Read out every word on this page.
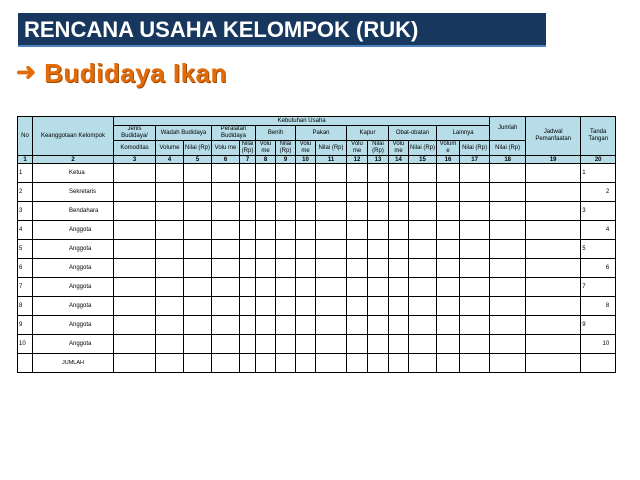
RENCANA USAHA KELOMPOK (RUK)
➜ Budidaya Ikan
No	Keanggotaan Kelompok	Kebutuhan Usaha															Jumlah	Jadwal Pemanfaatan	Tanda Tangan
		Jenis Budidaya/	Wadah Budidaya		Peralatan Budidaya		Benih		Pakan		Kapur		Obat-obatan		Lainnya				
		Komoditas	Volume	Nilai (Rp)	Volu me	Nilai (Rp)	Volu me	Nilai (Rp)	Volu me	Nilai (Rp)	Volu me	Nilai (Rp)	Volu me	Nilai (Rp)	Volum e	Nilai (Rp)	Nilai (Rp)		
1	2	3	4	5	6	7	8	9	10	11	12	13	14	15	16	17	18	19	20
1	Ketua																		1
2	Sekretaris																		2
3	Bendahara																		3
4	Anggota																		4
5	Anggota																		5
6	Anggota																		6
7	Anggota																		7
8	Anggota																		8
9	Anggota																		9
10	Anggota																		10
	JUMLAH																		
